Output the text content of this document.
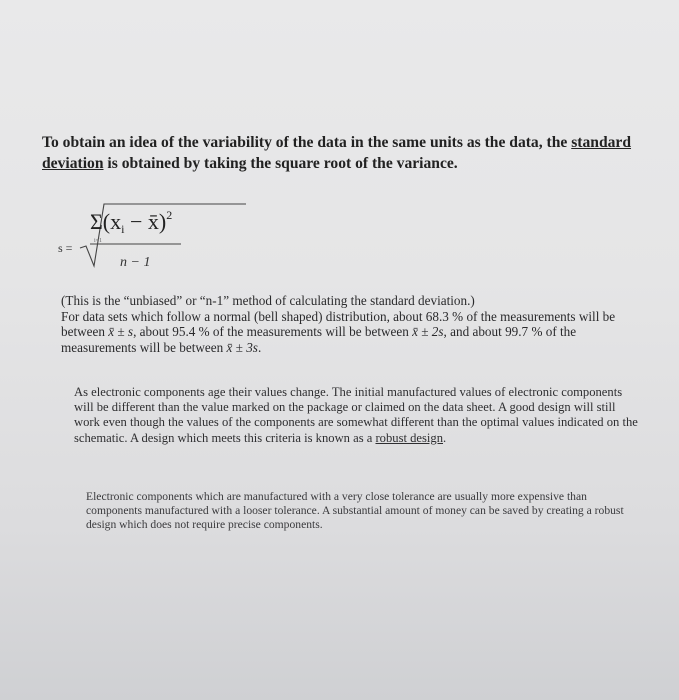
To obtain an idea of the variability of the data in the same units as the data, the standard deviation is obtained by taking the square root of the variance.

s =
Σ(xi − x̄)$^2$
i=1
n − 1
(This is the “unbiased” or “n-1” method of calculating the standard deviation.)
For data sets which follow a normal (bell shaped) distribution, about 68.3 % of the measurements will be between x̄ ± s, about 95.4 % of the measurements will be between x̄ ± 2s, and about 99.7 % of the measurements will be between x̄ ± 3s.

As electronic components age their values change. The initial manufactured values of electronic components will be different than the value marked on the package or claimed on the data sheet. A good design will still work even though the values of the components are somewhat different than the optimal values indicated on the schematic. A design which meets this criteria is known as a robust design.

Electronic components which are manufactured with a very close tolerance are usually more expensive than components manufactured with a looser tolerance. A substantial amount of money can be saved by creating a robust design which does not require precise components.
